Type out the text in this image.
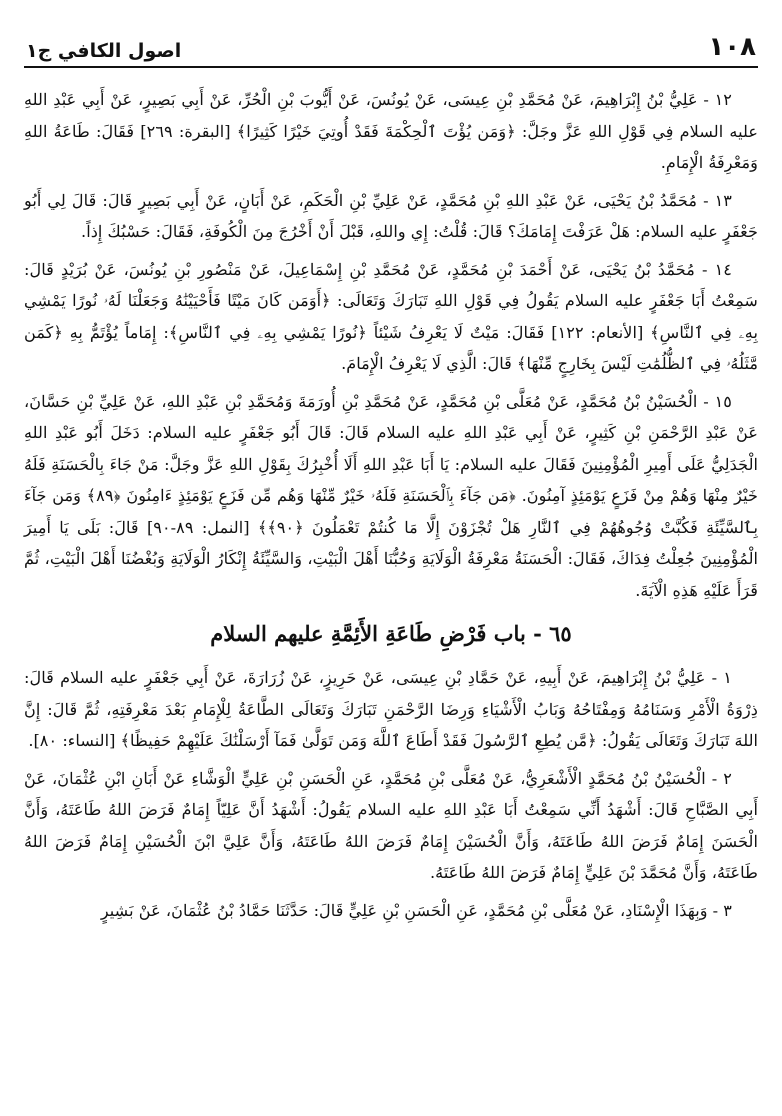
١٠٨
اصول الكافي ج١

١٢ - عَلِيُّ بْنُ إِبْرَاهِيمَ، عَنْ مُحَمَّدِ بْنِ عِيسَى، عَنْ يُونُسَ، عَنْ أَيُّوبَ بْنِ الْحُرِّ، عَنْ أَبِي بَصِيرٍ، عَنْ أَبِي عَبْدِ اللهِ عليه السلام فِي قَوْلِ اللهِ عَزَّ وجَلَّ: ﴿وَمَن يُؤْتَ ٱلْحِكْمَةَ فَقَدْ أُوتِيَ خَيْرًا كَثِيرًا﴾ [البقرة: ٢٦٩] فَقَالَ: طَاعَةُ اللهِ وَمَعْرِفَةُ الْإِمَامِ.

١٣ - مُحَمَّدُ بْنُ يَحْيَى، عَنْ عَبْدِ اللهِ بْنِ مُحَمَّدٍ، عَنْ عَلِيِّ بْنِ الْحَكَمِ، عَنْ أَبَانٍ، عَنْ أَبِي بَصِيرٍ قَالَ: قَالَ لِي أَبُو جَعْفَرٍ عليه السلام: هَلْ عَرَفْتَ إِمَامَكَ؟ قَالَ: قُلْتُ: إِي واللهِ، قَبْلَ أَنْ أَخْرُجَ مِنَ الْكُوفَةِ، فَقَالَ: حَسْبُكَ إِذاً.

١٤ - مُحَمَّدُ بْنُ يَحْيَى، عَنْ أَحْمَدَ بْنِ مُحَمَّدٍ، عَنْ مُحَمَّدِ بْنِ إِسْمَاعِيلَ، عَنْ مَنْصُورِ بْنِ يُونُسَ، عَنْ بُرَيْدٍ قَالَ: سَمِعْتُ أَبَا جَعْفَرٍ عليه السلام يَقُولُ فِي قَوْلِ اللهِ تَبَارَكَ وَتَعَالَى: ﴿أَوَمَن كَانَ مَيْتًا فَأَحْيَيْنَٰهُ وَجَعَلْنَا لَهُۥ نُورًا يَمْشِي بِهِۦ فِي ٱلنَّاسِ﴾ [الأنعام: ١٢٢] فَقَالَ: مَيْتٌ لَا يَعْرِفُ شَيْئاً ﴿نُورًا يَمْشِي بِهِۦ فِي ٱلنَّاسِ﴾: إِمَاماً يُؤْتَمُّ بِهِ ﴿كَمَن مَّثَلُهُۥ فِي ٱلظُّلُمَٰتِ لَيْسَ بِخَارِجٍ مِّنْهَا﴾ قَالَ: الَّذِي لَا يَعْرِفُ الْإِمَامَ.

١٥ - الْحُسَيْنُ بْنُ مُحَمَّدٍ، عَنْ مُعَلَّى بْنِ مُحَمَّدٍ، عَنْ مُحَمَّدِ بْنِ أُورَمَةَ وَمُحَمَّدِ بْنِ عَبْدِ اللهِ، عَنْ عَلِيِّ بْنِ حَسَّانَ، عَنْ عَبْدِ الرَّحْمَنِ بْنِ كَثِيرٍ، عَنْ أَبِي عَبْدِ اللهِ عليه السلام قَالَ: قَالَ أَبُو جَعْفَرٍ عليه السلام: دَخَلَ أَبُو عَبْدِ اللهِ الْجَدَلِيُّ عَلَى أَمِيرِ الْمُؤْمِنِينَ فَقَالَ عليه السلام: يَا أَبَا عَبْدِ اللهِ أَلَا أُخْبِرُكَ بِقَوْلِ اللهِ عَزَّ وجَلَّ: مَنْ جَاءَ بِالْحَسَنَةِ فَلَهُ خَيْرٌ مِنْهَا وَهُمْ مِنْ فَزَعٍ يَوْمَئِذٍ آمِنُونَ. ﴿مَن جَآءَ بِٱلْحَسَنَةِ فَلَهُۥ خَيْرٌ مِّنْهَا وَهُم مِّن فَزَعٍ يَوْمَئِذٍ ءَامِنُونَ ﴿٨٩﴾ وَمَن جَآءَ بِٱلسَّيِّئَةِ فَكُبَّتْ وُجُوهُهُمْ فِي ٱلنَّارِ هَلْ تُجْزَوْنَ إِلَّا مَا كُنتُمْ تَعْمَلُونَ ﴿٩٠﴾﴾ [النمل: ٨٩-٩٠] قَالَ: بَلَى يَا أَمِيرَ الْمُؤْمِنِينَ جُعِلْتُ فِدَاكَ، فَقَالَ: الْحَسَنَةُ مَعْرِفَةُ الْوَلَايَةِ وَحُبُّنَا أَهْلَ الْبَيْتِ، وَالسَّيِّئَةُ إِنْكَارُ الْوَلَايَةِ وَبُغْضُنَا أَهْلَ الْبَيْتِ، ثُمَّ قَرَأَ عَلَيْهِ هَذِهِ الْآيَةَ.

٦٥ - باب فَرْضِ طَاعَةِ الأَئِمَّةِ عليهم السلام

١ - عَلِيُّ بْنُ إِبْرَاهِيمَ، عَنْ أَبِيهِ، عَنْ حَمَّادِ بْنِ عِيسَى، عَنْ حَرِيزٍ، عَنْ زُرَارَةَ، عَنْ أَبِي جَعْفَرٍ عليه السلام قَالَ: ذِرْوَةُ الْأَمْرِ وَسَنَامُهُ وَمِفْتَاحُهُ وَبَابُ الْأَشْيَاءِ وَرِضَا الرَّحْمَنِ تَبَارَكَ وَتَعَالَى الطَّاعَةُ لِلْإِمَامِ بَعْدَ مَعْرِفَتِهِ، ثُمَّ قَالَ: إِنَّ اللهَ تَبَارَكَ وَتَعَالَى يَقُولُ: ﴿مَّن يُطِعِ ٱلرَّسُولَ فَقَدْ أَطَاعَ ٱللَّهَ وَمَن تَوَلَّىٰ فَمَآ أَرْسَلْنَٰكَ عَلَيْهِمْ حَفِيظًا﴾ [النساء: ٨٠].

٢ - الْحُسَيْنُ بْنُ مُحَمَّدٍ الْأَشْعَرِيُّ، عَنْ مُعَلَّى بْنِ مُحَمَّدٍ، عَنِ الْحَسَنِ بْنِ عَلِيٍّ الْوَشَّاءِ عَنْ أَبَانِ ابْنِ عُثْمَانَ، عَنْ أَبِي الصَّبَّاحِ قَالَ: أَشْهَدُ أَنِّي سَمِعْتُ أَبَا عَبْدِ اللهِ عليه السلام يَقُولُ: أَشْهَدُ أَنَّ عَلِيّاً إِمَامٌ فَرَضَ اللهُ طَاعَتَهُ، وَأَنَّ الْحَسَنَ إِمَامٌ فَرَضَ اللهُ طَاعَتَهُ، وَأَنَّ الْحُسَيْنَ إِمَامٌ فَرَضَ اللهُ طَاعَتَهُ، وَأَنَّ عَلِيَّ ابْنَ الْحُسَيْنِ إِمَامٌ فَرَضَ اللهُ طَاعَتَهُ، وَأَنَّ مُحَمَّدَ بْنَ عَلِيٍّ إِمَامٌ فَرَضَ اللهُ طَاعَتَهُ.

٣ - وَبِهَذَا الْإِسْنَادِ، عَنْ مُعَلَّى بْنِ مُحَمَّدٍ، عَنِ الْحَسَنِ بْنِ عَلِيٍّ قَالَ: حَدَّثَنَا حَمَّادُ بْنُ عُثْمَانَ، عَنْ بَشِيرٍ
